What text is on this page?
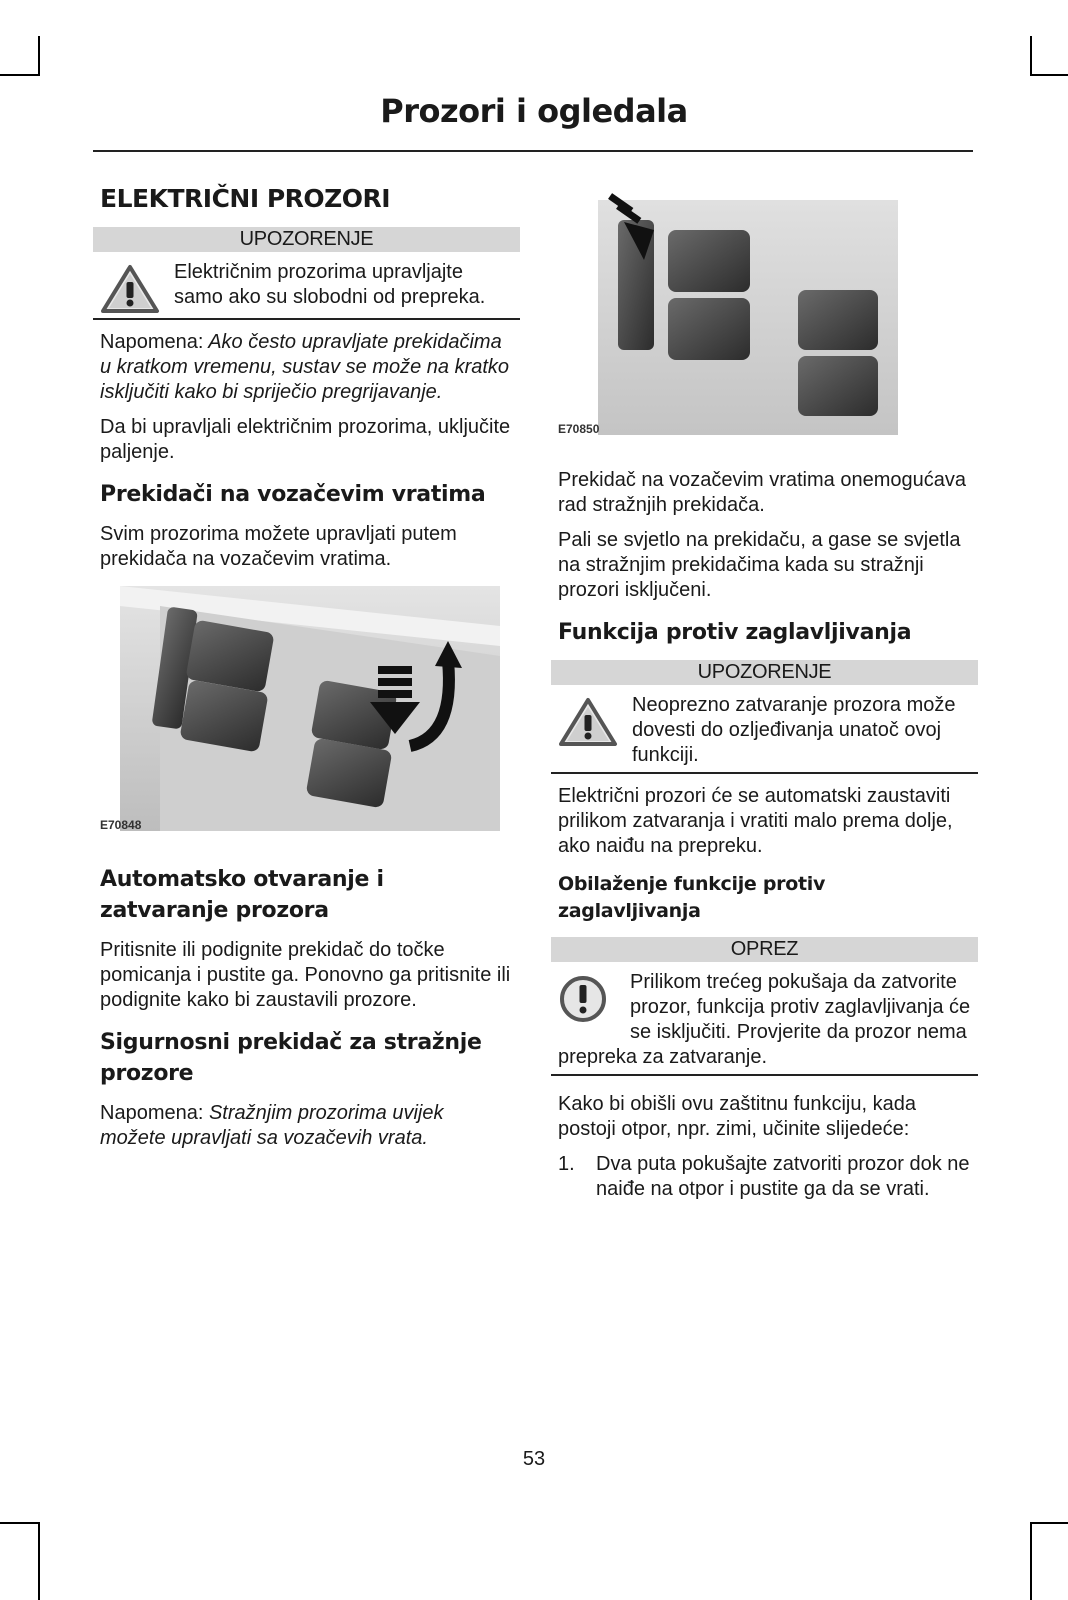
Prozori i ogledala
ELEKTRIČNI PROZORI
UPOZORENJE
Električnim prozorima upravljajte samo ako su slobodni od prepreka.

Napomena: Ako često upravljate prekidačima u kratkom vremenu, sustav se može na kratko isključiti kako bi spriječio pregrijavanje.

Da bi upravljali električnim prozorima, uključite paljenje.

Prekidači na vozačevim vratima

Svim prozorima možete upravljati putem prekidača na vozačevim vratima.

E70848
Automatsko otvaranje i zatvaranje prozora

Pritisnite ili podignite prekidač do točke pomicanja i pustite ga. Ponovno ga pritisnite ili podignite kako bi zaustavili prozore.

Sigurnosni prekidač za stražnje prozore

Napomena: Stražnjim prozorima uvijek možete upravljati sa vozačevih vrata.

E70850

Prekidač na vozačevim vratima onemogućava rad stražnjih prekidača.

Pali se svjetlo na prekidaču, a gase se svjetla na stražnjim prekidačima kada su stražnji prozori isključeni.

Funkcija protiv zaglavljivanja
UPOZORENJE
Neoprezno zatvaranje prozora može dovesti do ozljeđivanja unatoč ovoj funkciji.

Električni prozori će se automatski zaustaviti prilikom zatvaranja i vratiti malo prema dolje, ako naiđu na prepreku.

Obilaženje funkcije protiv zaglavljivanja
OPREZ
Prilikom trećeg pokušaja da zatvorite prozor, funkcija protiv zaglavljivanja će se isključiti. Provjerite da prozor nema prepreka za zatvaranje.

Kako bi obišli ovu zaštitnu funkciju, kada postoji otpor, npr. zimi, učinite slijedeće:

1. Dva puta pokušajte zatvoriti prozor dok ne naiđe na otpor i pustite ga da se vrati.
53
